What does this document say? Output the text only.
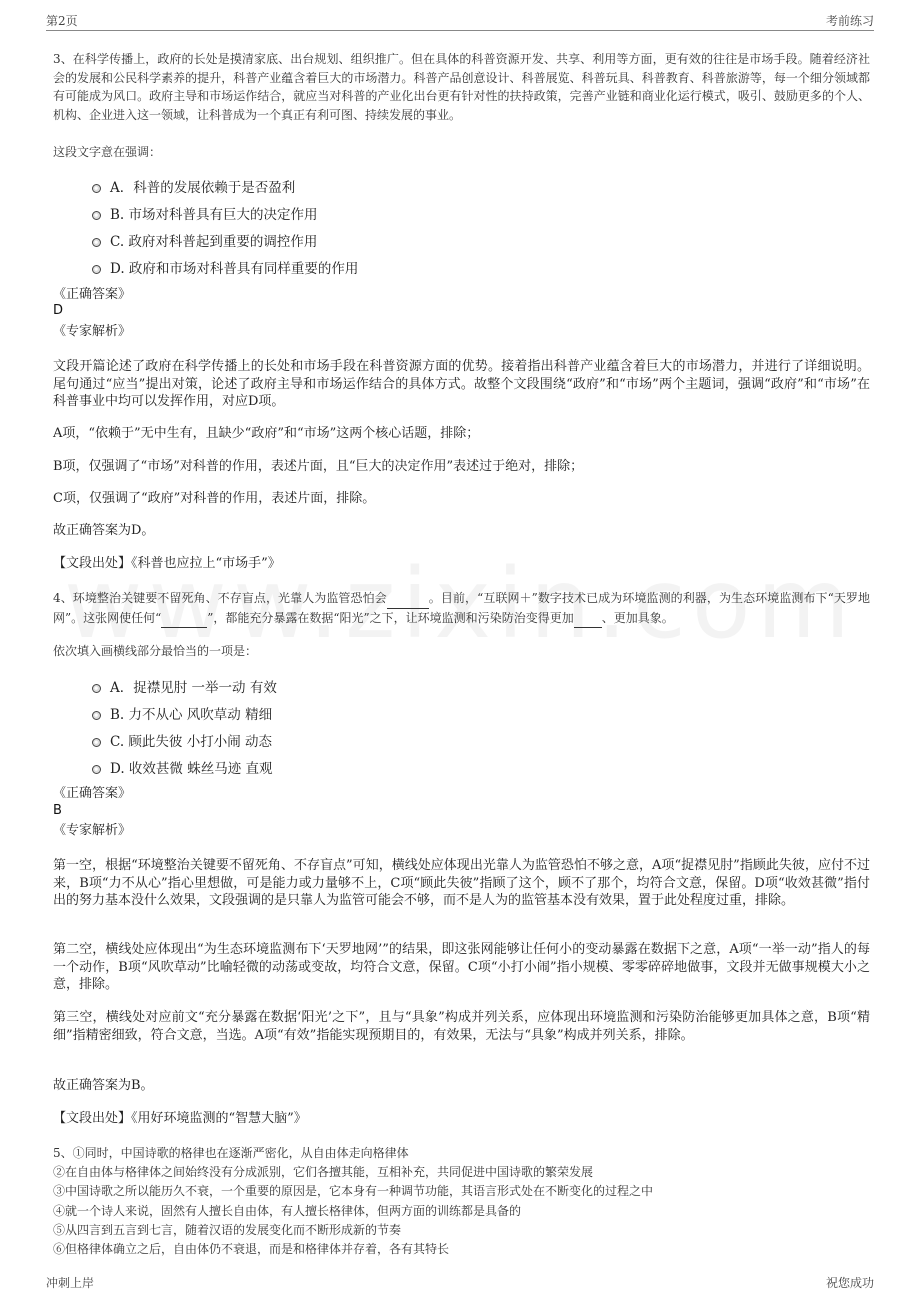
第2页	考前练习
3、在科学传播上，政府的长处是摸清家底、出台规划、组织推广。但在具体的科普资源开发、共享、利用等方面，更有效的往往是市场手段。随着经济社会的发展和公民科学素养的提升，科普产业蕴含着巨大的市场潜力。科普产品创意设计、科普展览、科普玩具、科普教育、科普旅游等，每一个细分领域都有可能成为风口。政府主导和市场运作结合，就应当对科普的产业化出台更有针对性的扶持政策，完善产业链和商业化运行模式，吸引、鼓励更多的个人、机构、企业进入这一领域，让科普成为一个真正有利可图、持续发展的事业。
这段文字意在强调：
A．科普的发展依赖于是否盈利
B. 市场对科普具有巨大的决定作用
C. 政府对科普起到重要的调控作用
D. 政府和市场对科普具有同样重要的作用
《正确答案》
D
《专家解析》
文段开篇论述了政府在科学传播上的长处和市场手段在科普资源方面的优势。接着指出科普产业蕴含着巨大的市场潜力，并进行了详细说明。尾句通过“应当”提出对策，论述了政府主导和市场运作结合的具体方式。故整个文段围绕“政府”和“市场”两个主题词，强调“政府”和“市场”在科普事业中均可以发挥作用，对应D项。
A项，“依赖于”无中生有，且缺少“政府”和“市场”这两个核心话题，排除；
B项，仅强调了“市场”对科普的作用，表述片面，且“巨大的决定作用”表述过于绝对，排除；
C项，仅强调了“政府”对科普的作用，表述片面，排除。
故正确答案为D。
【文段出处】《科普也应拉上“市场手”》
4、环境整治关键要不留死角、不存盲点，光靠人为监管恐怕会	。目前，“互联网＋”数字技术已成为环境监测的利器，为生态环境监测布下“天罗地网”。这张网使任何“	”，都能充分暴露在数据“阳光”之下，让环境监测和污染防治变得更加 、更加具象。
依次填入画横线部分最恰当的一项是：
A．捉襟见肘 一举一动 有效
B. 力不从心 风吹草动 精细
C. 顾此失彼 小打小闹 动态
D. 收效甚微 蛛丝马迹 直观
《正确答案》
B
《专家解析》
第一空，根据“环境整治关键要不留死角、不存盲点”可知，横线处应体现出光靠人为监管恐怕不够之意，A项“捉襟见肘”指顾此失彼，应付不过来，B项“力不从心”指心里想做，可是能力或力量够不上，C项“顾此失彼”指顾了这个，顾不了那个，均符合文意，保留。D项“收效甚微”指付出的努力基本没什么效果，文段强调的是只靠人为监管可能会不够，而不是人为的监管基本没有效果，置于此处程度过重，排除。
第二空，横线处应体现出“为生态环境监测布下‘天罗地网’”的结果，即这张网能够让任何小的变动暴露在数据下之意，A项“一举一动”指人的每一个动作，B项“风吹草动”比喻轻微的动荡或变故，均符合文意，保留。C项“小打小闹”指小规模、零零碎碎地做事，文段并无做事规模大小之意，排除。
第三空，横线处对应前文“充分暴露在数据‘阳光’之下”，且与“具象”构成并列关系，应体现出环境监测和污染防治能够更加具体之意，B项“精细”指精密细致，符合文意，当选。A项“有效”指能实现预期目的，有效果，无法与“具象”构成并列关系，排除。
故正确答案为B。
【文段出处】《用好环境监测的“智慧大脑”》
5、①同时，中国诗歌的格律也在逐渐严密化，从自由体走向格律体
②在自由体与格律体之间始终没有分成派别，它们各擅其能，互相补充，共同促进中国诗歌的繁荣发展
③中国诗歌之所以能历久不衰，一个重要的原因是，它本身有一种调节功能，其语言形式处在不断变化的过程之中
④就一个诗人来说，固然有人擅长自由体，有人擅长格律体，但两方面的训练都是具备的
⑤从四言到五言到七言，随着汉语的发展变化而不断形成新的节奏
⑥但格律体确立之后，自由体仍不衰退，而是和格律体并存着，各有其特长
冲刺上岸	祝您成功
